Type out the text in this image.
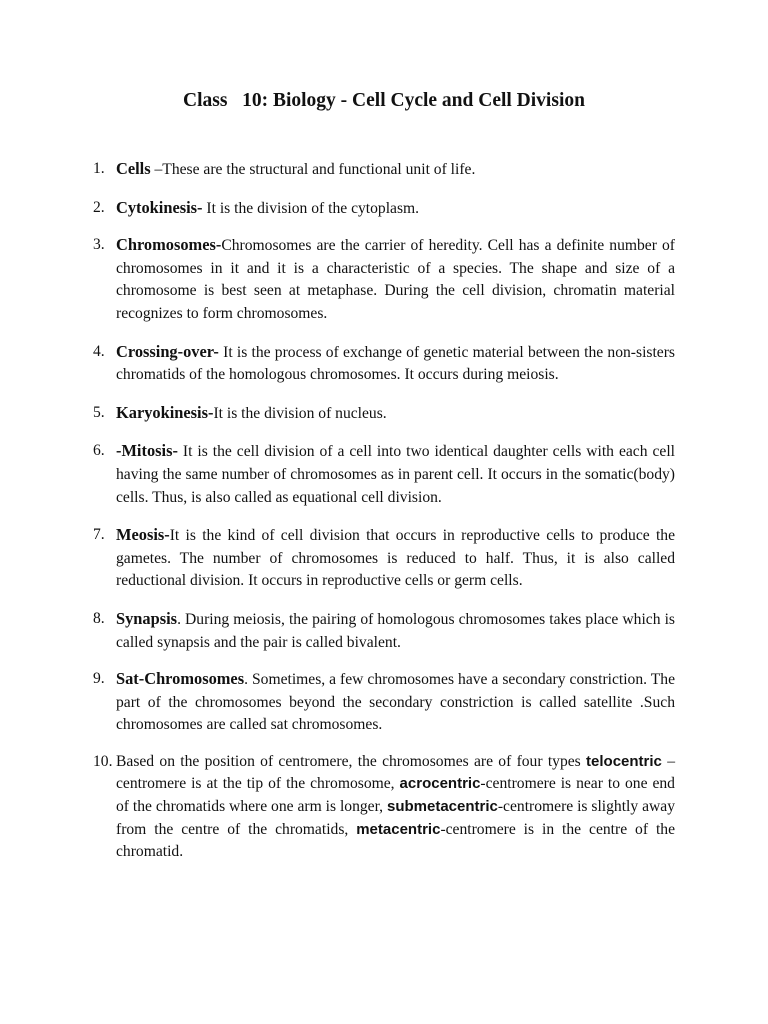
Class   10: Biology - Cell Cycle and Cell Division
1. Cells –These are the structural and functional unit of life.
2. Cytokinesis- It is the division of the cytoplasm.
3. Chromosomes-Chromosomes are the carrier of heredity. Cell has a definite number of chromosomes in it and it is a characteristic of a species. The shape and size of a chromosome is best seen at metaphase. During the cell division, chromatin material recognizes to form chromosomes.
4. Crossing-over- It is the process of exchange of genetic material between the non-sisters chromatids of the homologous chromosomes. It occurs during meiosis.
5. Karyokinesis-It is the division of nucleus.
6. -Mitosis- It is the cell division of a cell into two identical daughter cells with each cell having the same number of chromosomes as in parent cell. It occurs in the somatic(body) cells. Thus, is also called as equational cell division.
7. Meosis-It is the kind of cell division that occurs in reproductive cells to produce the gametes. The number of chromosomes is reduced to half. Thus, it is also called reductional division. It occurs in reproductive cells or germ cells.
8. Synapsis. During meiosis, the pairing of homologous chromosomes takes place which is called synapsis and the pair is called bivalent.
9. Sat-Chromosomes. Sometimes, a few chromosomes have a secondary constriction. The part of the chromosomes beyond the secondary constriction is called satellite .Such chromosomes are called sat chromosomes.
10. Based on the position of centromere, the chromosomes are of four types telocentric –centromere is at the tip of the chromosome, acrocentric-centromere is near to one end of the chromatids where one arm is longer, submetacentric-centromere is slightly away from the centre of the chromatids, metacentric-centromere is in the centre of the chromatid.
